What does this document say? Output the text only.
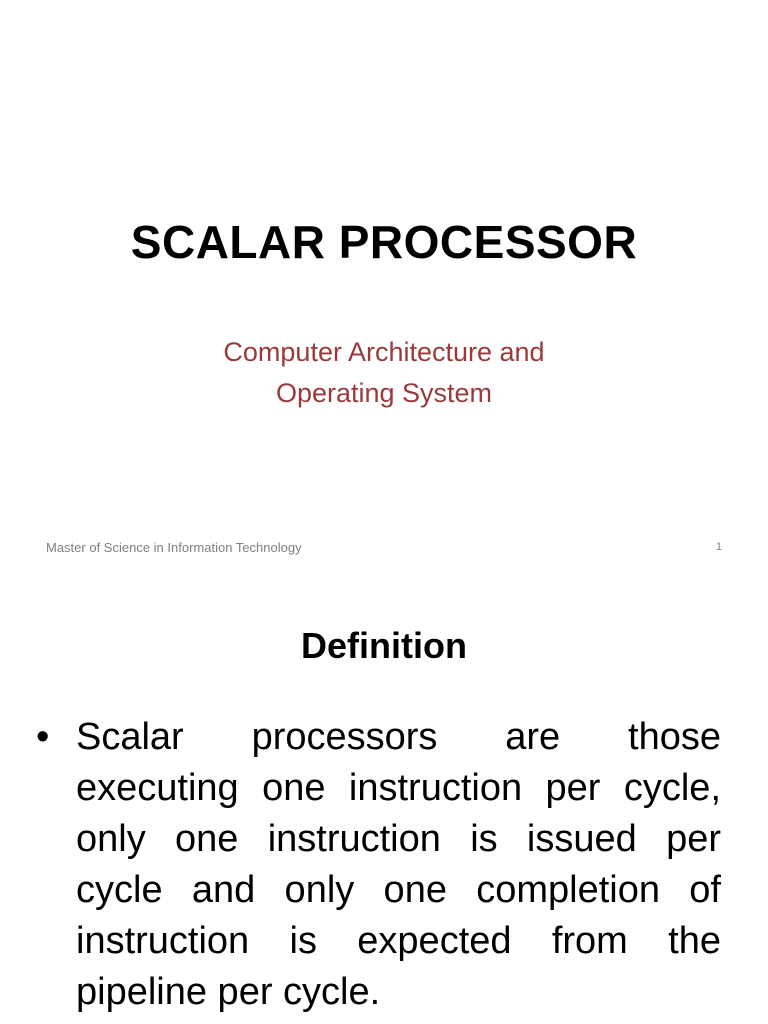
SCALAR PROCESSOR
Computer Architecture and
Operating System
Master of Science in Information Technology	1
Definition
• Scalar processors are those executing one instruction per cycle, only one instruction is issued per cycle and only one completion of instruction is expected from the pipeline per cycle.
